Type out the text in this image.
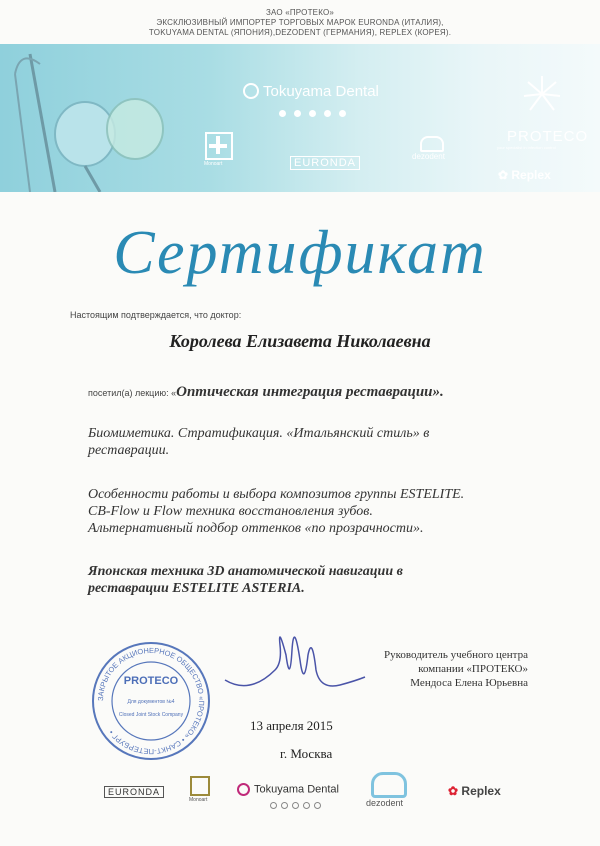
ЗАО «ПРОТЕКО»
ЭКСКЛЮЗИВНЫЙ ИМПОРТЕР ТОРГОВЫХ МАРОК EURONDA (ИТАЛИЯ),
TOKUYAMA DENTAL (ЯПОНИЯ),DEZODENT (ГЕРМАНИЯ), REPLEX (КОРЕЯ).
Tokuyama Dental
PROTECO
your specialist in infection control
Monoart	EURONDA
dezodent
✿ Replex
Сертификат
Настоящим подтверждается, что доктор:
Королева Елизавета Николаевна
посетил(а) лекцию: «Оптическая интеграция реставрации».
Биомиметика. Стратификация. «Итальянский стиль» в реставрации.
Особенности работы и выбора композитов группы ESTELITE.
CB-Flow и Flow техника восстановления зубов.
Альтернативный подбор оттенков «по прозрачности».
Японская техника 3D анатомической навигации в реставрации ESTELITE ASTERIA.
Руководитель учебного центра
компании «ПРОТЕКО»
Мендоса Елена Юрьевна
ЗАКРЫТОЕ АКЦИОНЕРНОЕ ОБЩЕСТВО «ПРОТЕКО» • САНКТ-ПЕТЕРБУРГ •
PROTECO
Для документов №4
Closed Joint Stock Company
13 апреля 2015
г. Москва
EURONDA
Monoart
Tokuyama Dental
dezodent
✿ Replex
